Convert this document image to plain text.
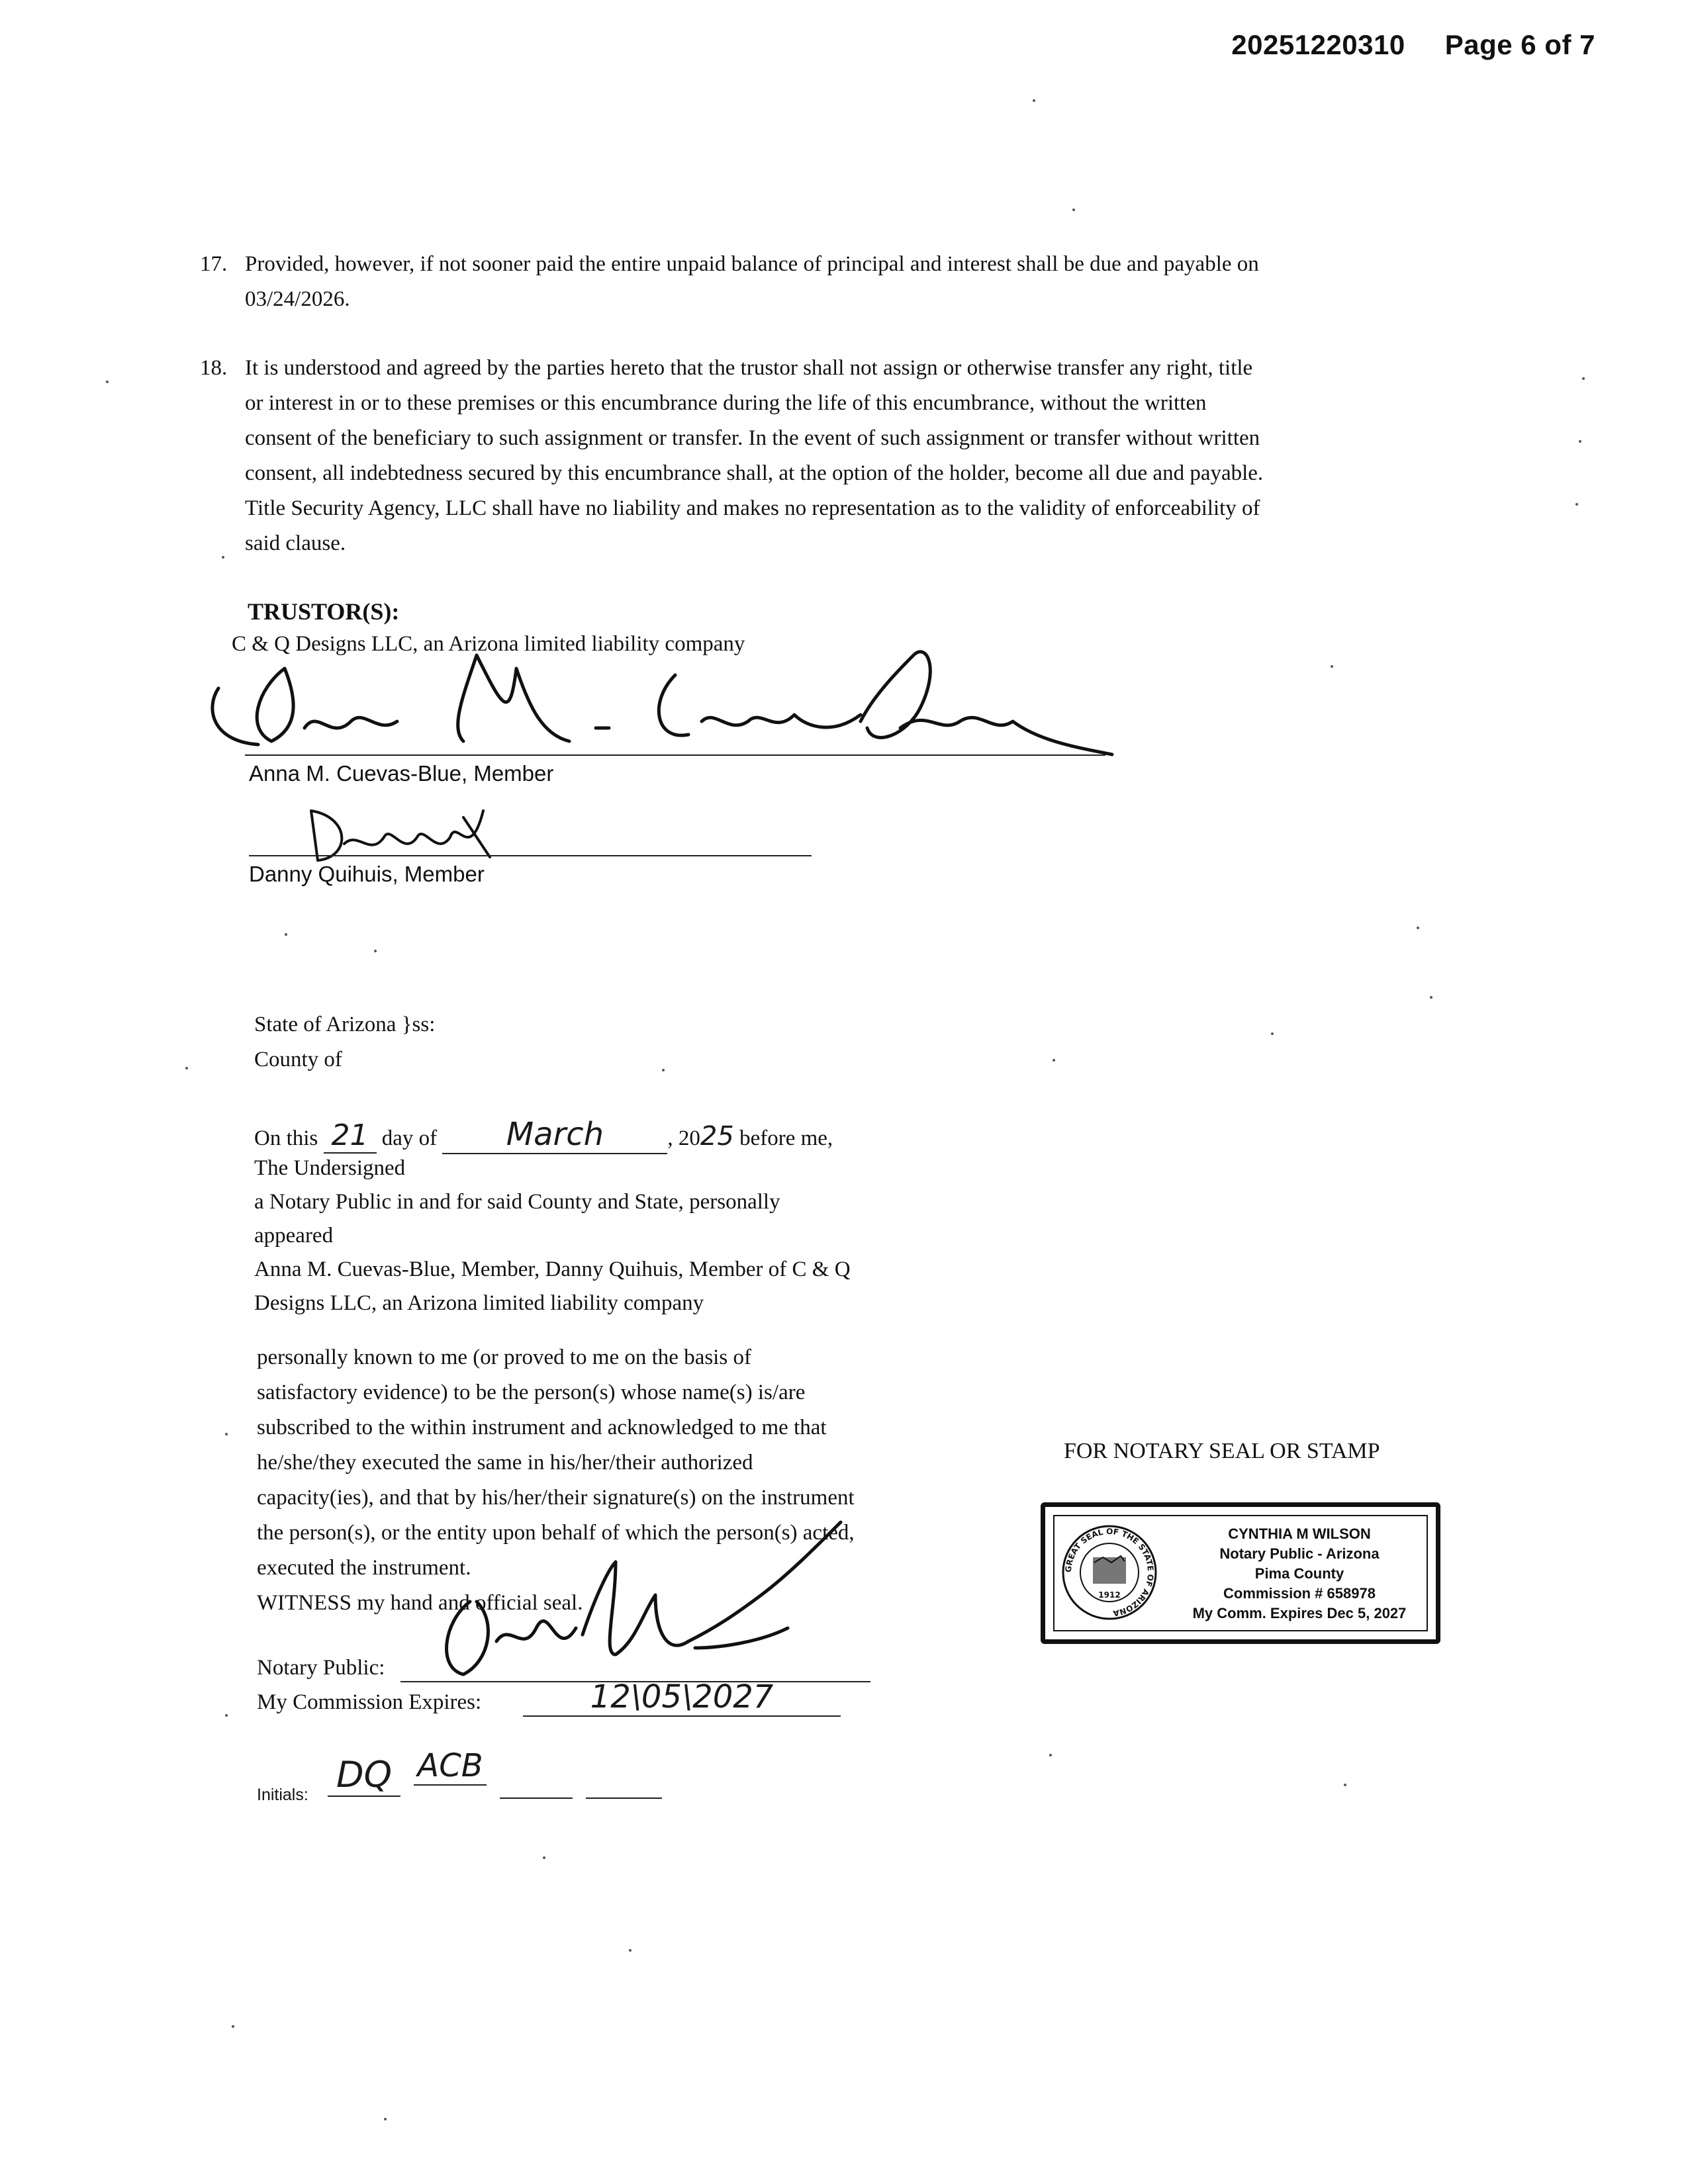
20251220310 Page 6 of 7
17. Provided, however, if not sooner paid the entire unpaid balance of principal and interest shall be due and payable on
03/24/2026.
18. It is understood and agreed by the parties hereto that the trustor shall not assign or otherwise transfer any right, title
or interest in or to these premises or this encumbrance during the life of this encumbrance, without the written
consent of the beneficiary to such assignment or transfer. In the event of such assignment or transfer without written
consent, all indebtedness secured by this encumbrance shall, at the option of the holder, become all due and payable.
Title Security Agency, LLC shall have no liability and makes no representation as to the validity of enforceability of
said clause.
TRUSTOR(S):
C & Q Designs LLC, an Arizona limited liability company
Anna M. Cuevas-Blue, Member
Danny Quihuis, Member
State of Arizona }ss:
County of
On this 21 day of March	, 2025 before me,
The Undersigned
a Notary Public in and for said County and State, personally
appeared
Anna M. Cuevas-Blue, Member, Danny Quihuis, Member of C & Q
Designs LLC, an Arizona limited liability company
personally known to me (or proved to me on the basis of
satisfactory evidence) to be the person(s) whose name(s) is/are
subscribed to the within instrument and acknowledged to me that
he/she/they executed the same in his/her/their authorized
capacity(ies), and that by his/her/their signature(s) on the instrument
the person(s), or the entity upon behalf of which the person(s) acted,
executed the instrument.
WITNESS my hand and official seal.
Notary Public:
My Commission Expires:	12\05\2027
Initials: DQ ACB
FOR NOTARY SEAL OR STAMP
GREAT SEAL OF THE STATE OF ARIZONA
1912
CYNTHIA M WILSON
Notary Public - Arizona
Pima County
Commission # 658978
My Comm. Expires Dec 5, 2027
